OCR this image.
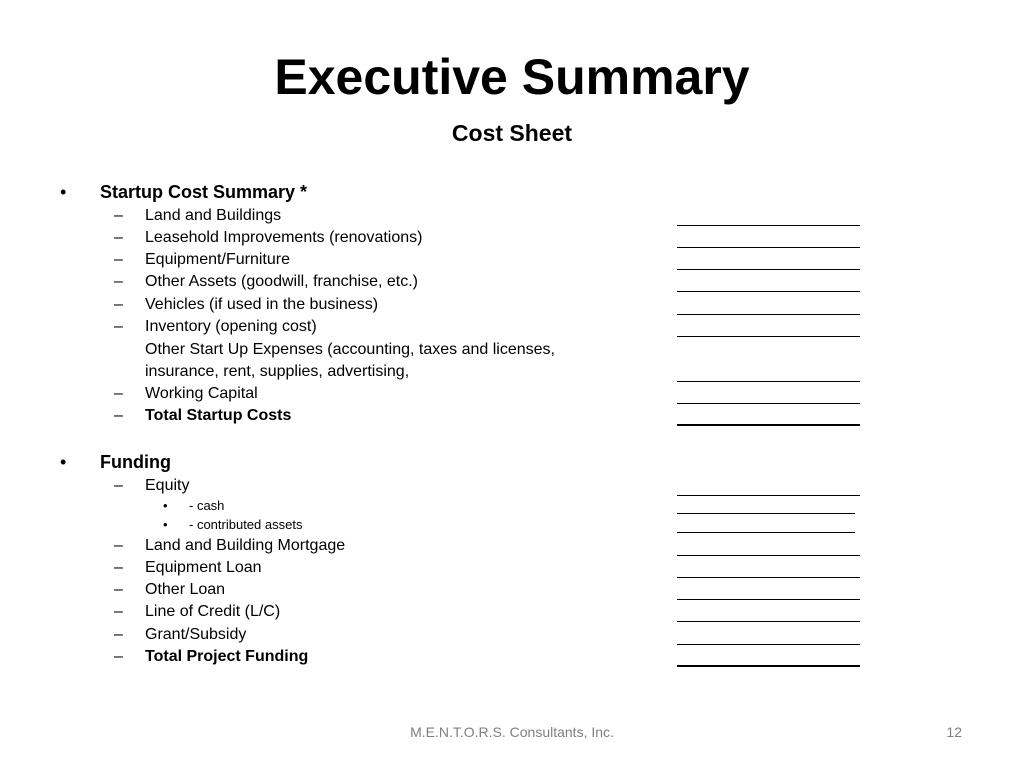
Executive Summary
Cost Sheet
• Startup Cost Summary *
– Land and Buildings
– Leasehold Improvements (renovations)
– Equipment/Furniture
– Other Assets (goodwill, franchise, etc.)
– Vehicles (if used in the business)
– Inventory (opening cost)
Other Start Up Expenses (accounting, taxes and licenses,
insurance, rent, supplies, advertising,
– Working Capital
– Total Startup Costs
• Funding
– Equity
• - cash
• - contributed assets
– Land and Building Mortgage
– Equipment Loan
– Other Loan
– Line of Credit (L/C)
– Grant/Subsidy
– Total Project Funding
M.E.N.T.O.R.S. Consultants, Inc.	12
